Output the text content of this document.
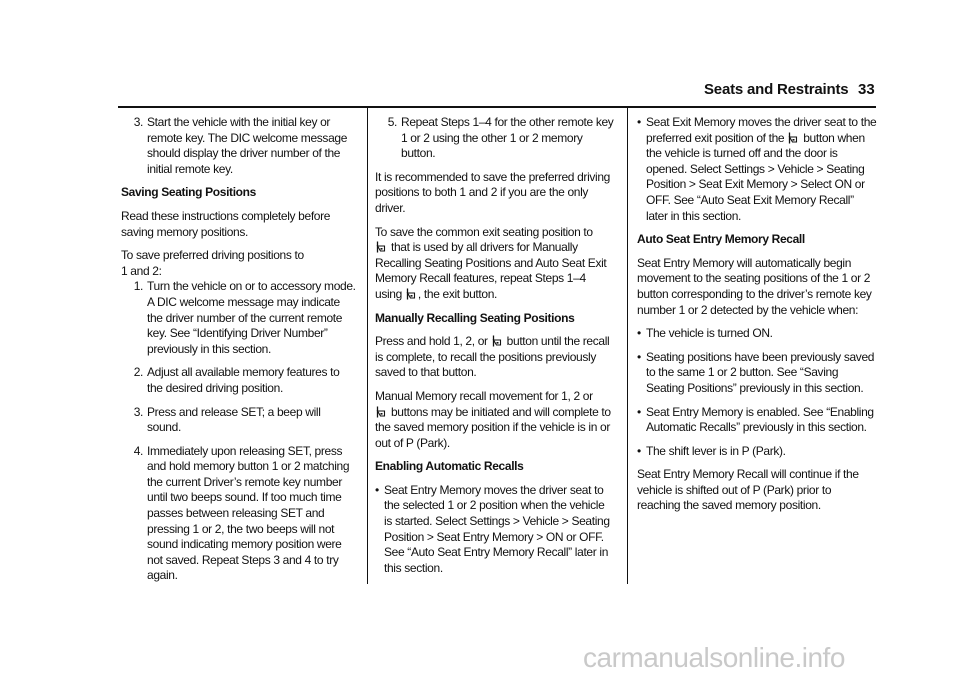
Seats and Restraints 33
3. Start the vehicle with the initial key or remote key. The DIC welcome message should display the driver number of the initial remote key.
Saving Seating Positions

Read these instructions completely before saving memory positions.

To save preferred driving positions to
1 and 2:

1. Turn the vehicle on or to accessory mode. A DIC welcome message may indicate the driver number of the current remote key. See “Identifying Driver Number” previously in this section.
2. Adjust all available memory features to the desired driving position.
3. Press and release SET; a beep will sound.
4. Immediately upon releasing SET, press and hold memory button 1 or 2 matching the current Driver’s remote key number until two beeps sound. If too much time passes between releasing SET and pressing 1 or 2, the two beeps will not sound indicating memory position were not saved. Repeat Steps 3 and 4 to try again.
5. Repeat Steps 1–4 for the other remote key 1 or 2 using the other 1 or 2 memory button.

It is recommended to save the preferred driving positions to both 1 and 2 if you are the only driver.

To save the common exit seating position to

that is used by all drivers for Manually Recalling Seating Positions and Auto Seat Exit Memory Recall features, repeat Steps 1–4 using
, the exit button.

Manually Recalling Seating Positions

Press and hold 1, 2, or
button until the recall is complete, to recall the positions previously saved to that button.

Manual Memory recall movement for 1, 2 or

buttons may be initiated and will complete to the saved memory position if the vehicle is in or out of P (Park).

Enabling Automatic Recalls
• Seat Entry Memory moves the driver seat to the selected 1 or 2 position when the vehicle is started. Select Settings > Vehicle > Seating Position > Seat Entry Memory > ON or OFF. See “Auto Seat Entry Memory Recall” later in this section.
• Seat Exit Memory moves the driver seat to the preferred exit position of the
button when the vehicle is turned off and the door is opened. Select Settings > Vehicle > Seating Position > Seat Exit Memory > Select ON or OFF. See “Auto Seat Exit Memory Recall” later in this section.
Auto Seat Entry Memory Recall

Seat Entry Memory will automatically begin movement to the seating positions of the 1 or 2 button corresponding to the driver’s remote key number 1 or 2 detected by the vehicle when:

• The vehicle is turned ON.
• Seating positions have been previously saved to the same 1 or 2 button. See “Saving Seating Positions” previously in this section.
• Seat Entry Memory is enabled. See “Enabling Automatic Recalls” previously in this section.
• The shift lever is in P (Park).

Seat Entry Memory Recall will continue if the vehicle is shifted out of P (Park) prior to reaching the saved memory position.

carmanualsonline.info
